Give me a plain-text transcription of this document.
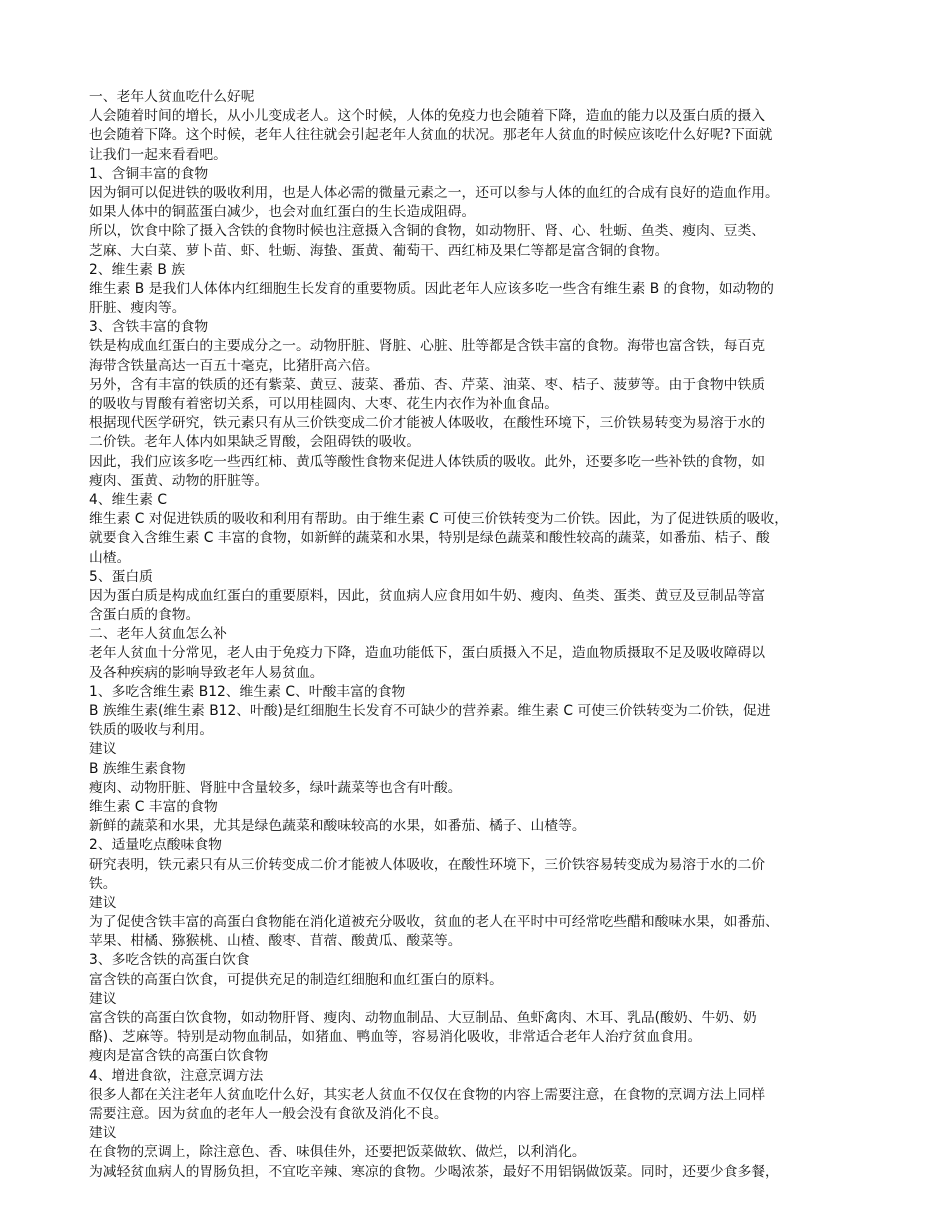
一、老年人贫血吃什么好呢
人会随着时间的增长，从小儿变成老人。这个时候，人体的免疫力也会随着下降，造血的能力以及蛋白质的摄入
也会随着下降。这个时候，老年人往往就会引起老年人贫血的状况。那老年人贫血的时候应该吃什么好呢?下面就
让我们一起来看看吧。
1、含铜丰富的食物
因为铜可以促进铁的吸收利用，也是人体必需的微量元素之一，还可以参与人体的血红的合成有良好的造血作用。
如果人体中的铜蓝蛋白减少，也会对血红蛋白的生长造成阻碍。
所以，饮食中除了摄入含铁的食物时候也注意摄入含铜的食物，如动物肝、肾、心、牡蛎、鱼类、瘦肉、豆类、
芝麻、大白菜、萝卜苗、虾、牡蛎、海蛰、蛋黄、葡萄干、西红柿及果仁等都是富含铜的食物。
2、维生素 B 族
维生素 B 是我们人体体内红细胞生长发育的重要物质。因此老年人应该多吃一些含有维生素 B 的食物，如动物的
肝脏、瘦肉等。
3、含铁丰富的食物
铁是构成血红蛋白的主要成分之一。动物肝脏、肾脏、心脏、肚等都是含铁丰富的食物。海带也富含铁，每百克
海带含铁量高达一百五十毫克，比猪肝高六倍。
另外，含有丰富的铁质的还有紫菜、黄豆、菠菜、番茄、杏、芹菜、油菜、枣、桔子、菠萝等。由于食物中铁质
的吸收与胃酸有着密切关系，可以用桂圆肉、大枣、花生内衣作为补血食品。
根据现代医学研究，铁元素只有从三价铁变成二价才能被人体吸收，在酸性环境下，三价铁易转变为易溶于水的
二价铁。老年人体内如果缺乏胃酸，会阻碍铁的吸收。
因此，我们应该多吃一些西红柿、黄瓜等酸性食物来促进人体铁质的吸收。此外，还要多吃一些补铁的食物，如
瘦肉、蛋黄、动物的肝脏等。
4、维生素 C
维生素 C 对促进铁质的吸收和利用有帮助。由于维生素 C 可使三价铁转变为二价铁。因此，为了促进铁质的吸收，
就要食入含维生素 C 丰富的食物，如新鲜的蔬菜和水果，特别是绿色蔬菜和酸性较高的蔬菜，如番茄、桔子、酸
山楂。
5、蛋白质
因为蛋白质是构成血红蛋白的重要原料，因此，贫血病人应食用如牛奶、瘦肉、鱼类、蛋类、黄豆及豆制品等富
含蛋白质的食物。
二、老年人贫血怎么补
老年人贫血十分常见，老人由于免疫力下降，造血功能低下，蛋白质摄入不足，造血物质摄取不足及吸收障碍以
及各种疾病的影响导致老年人易贫血。
1、多吃含维生素 B12、维生素 C、叶酸丰富的食物
B 族维生素(维生素 B12、叶酸)是红细胞生长发育不可缺少的营养素。维生素 C 可使三价铁转变为二价铁，促进
铁质的吸收与利用。
建议
B 族维生素食物
瘦肉、动物肝脏、肾脏中含量较多，绿叶蔬菜等也含有叶酸。
维生素 C 丰富的食物
新鲜的蔬菜和水果，尤其是绿色蔬菜和酸味较高的水果，如番茄、橘子、山楂等。
2、适量吃点酸味食物
研究表明，铁元素只有从三价转变成二价才能被人体吸收，在酸性环境下，三价铁容易转变成为易溶于水的二价
铁。
建议
为了促使含铁丰富的高蛋白食物能在消化道被充分吸收，贫血的老人在平时中可经常吃些醋和酸味水果，如番茄、
苹果、柑橘、猕猴桃、山楂、酸枣、苜蓿、酸黄瓜、酸菜等。
3、多吃含铁的高蛋白饮食
富含铁的高蛋白饮食，可提供充足的制造红细胞和血红蛋白的原料。
建议
富含铁的高蛋白饮食物，如动物肝肾、瘦肉、动物血制品、大豆制品、鱼虾禽肉、木耳、乳品(酸奶、牛奶、奶
酪)、芝麻等。特别是动物血制品，如猪血、鸭血等，容易消化吸收，非常适合老年人治疗贫血食用。
瘦肉是富含铁的高蛋白饮食物
4、增进食欲，注意烹调方法
很多人都在关注老年人贫血吃什么好，其实老人贫血不仅仅在食物的内容上需要注意，在食物的烹调方法上同样
需要注意。因为贫血的老年人一般会没有食欲及消化不良。
建议
在食物的烹调上，除注意色、香、味俱佳外，还要把饭菜做软、做烂，以利消化。
为减轻贫血病人的胃肠负担，不宜吃辛辣、寒凉的食物。少喝浓茶，最好不用铝锅做饭菜。同时，还要少食多餐，
